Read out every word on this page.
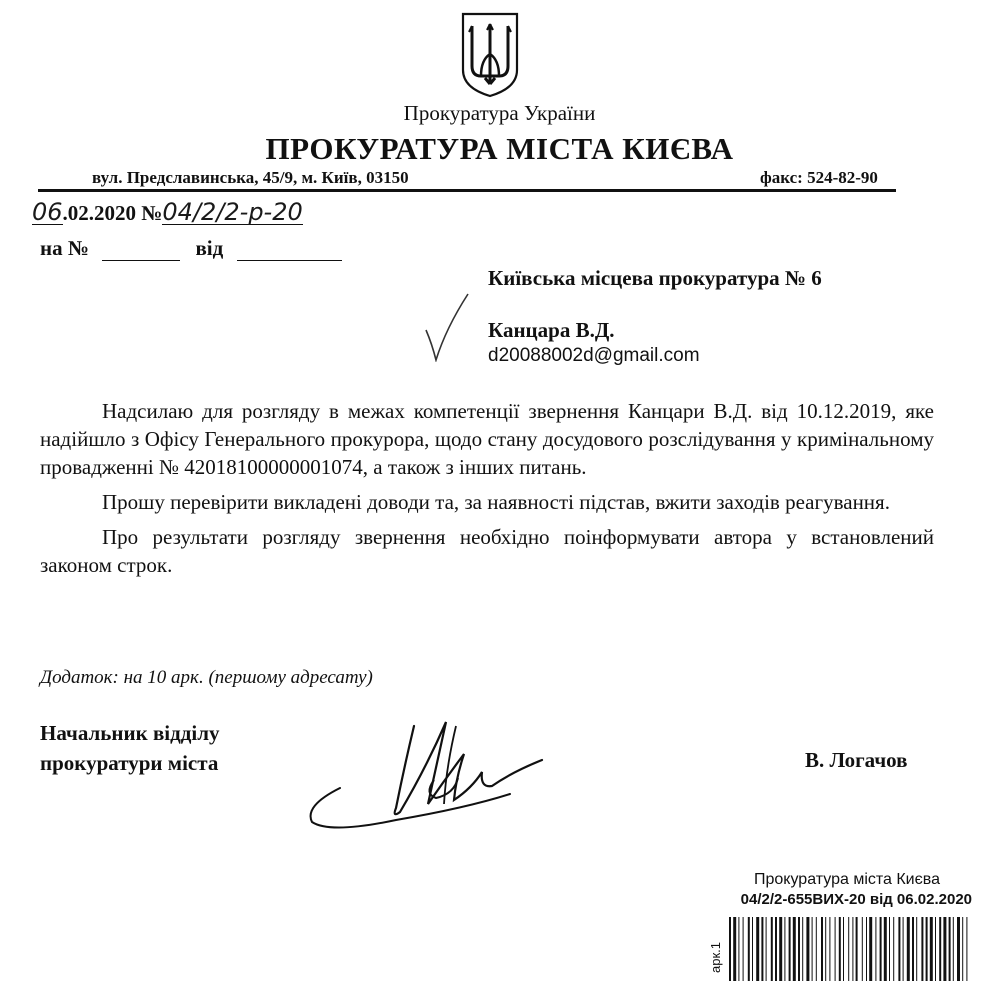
Прокуратура України
ПРОКУРАТУРА МІСТА КИЄВА
вул. Предславинська, 45/9, м. Київ, 03150	факс: 524-82-90
06.02.2020 №04/2/2-р-20
на №	від
Київська місцева прокуратура № 6
Канцара В.Д.
d20088002d@gmail.com

Надсилаю для розгляду в межах компетенції звернення Канцари В.Д. від 10.12.2019, яке надійшло з Офісу Генерального прокурора, щодо стану досудового розслідування у кримінальному провадженні № 42018100000001074, а також з інших питань.

Прошу перевірити викладені доводи та, за наявності підстав, вжити заходів реагування.

Про результати розгляду звернення необхідно поінформувати автора у встановлений законом строк.

Додаток: на 10 арк. (першому адресату)
Начальник відділу
прокуратури міста	В. Логачов
Прокуратура міста Києва
04/2/2-655ВИХ-20 від 06.02.2020
арк.1
